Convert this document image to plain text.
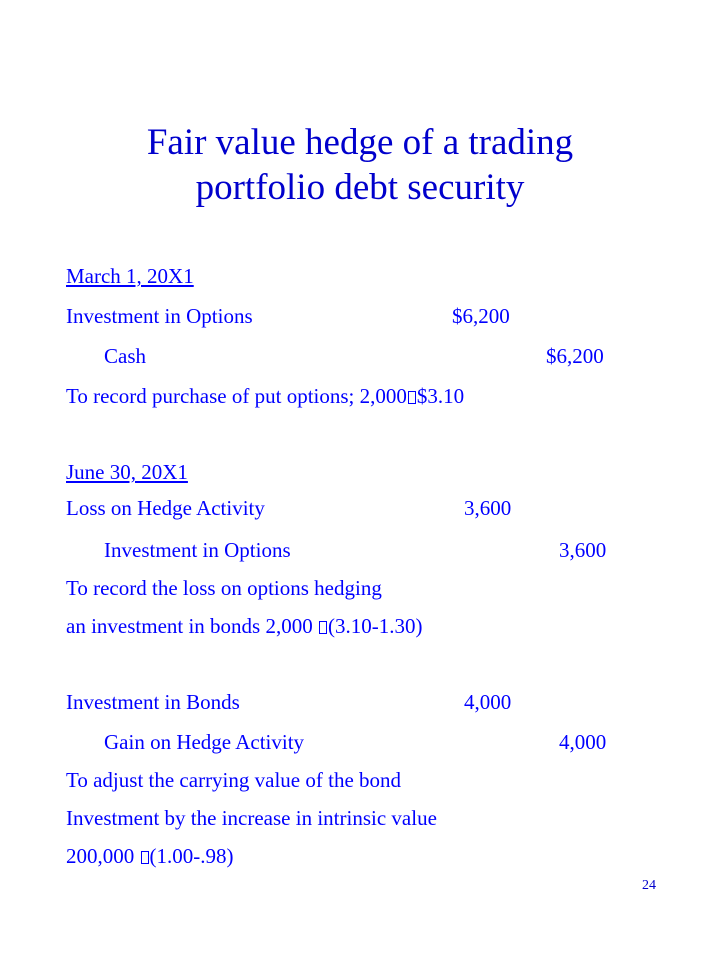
Fair value hedge of a trading
portfolio debt security
March 1, 20X1
Investment in Options	$6,200
Cash	$6,200
To record purchase of put options; 2,000 $3.10
June 30, 20X1
Loss on Hedge Activity	3,600
Investment in Options	3,600
To record the loss on options hedging
an investment in bonds 2,000 (3.10-1.30)
Investment in Bonds	4,000
Gain on Hedge Activity	4,000
To adjust the carrying value of the bond
Investment by the increase in intrinsic value
200,000 (1.00-.98)
24
